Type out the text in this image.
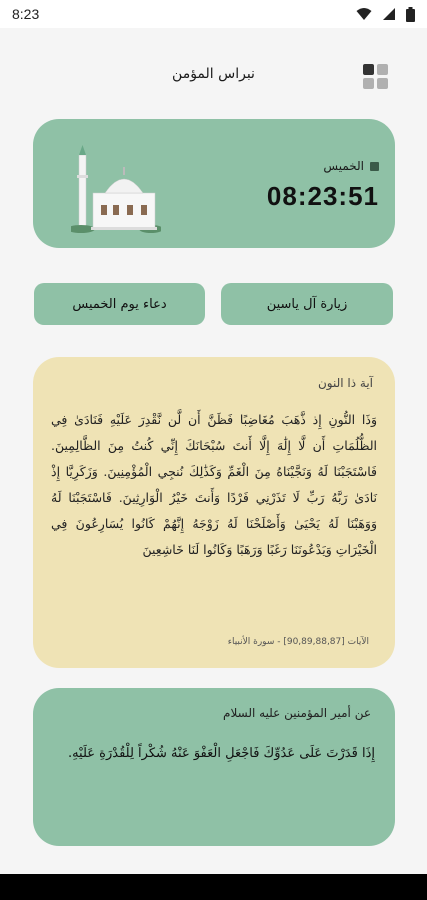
8:23
نبراس المؤمن
الخميس
08:23:51
دعاء يوم الخميس	زيارة آل ياسين
آية ذا النون
وَذَا النُّونِ إِذ ذَّهَبَ مُغَاضِبًا فَظَنَّ أَن لَّن نَّقْدِرَ عَلَيْهِ فَنَادَىٰ فِي الظُّلُمَاتِ أَن لَّا إِلَٰهَ إِلَّا أَنتَ سُبْحَانَكَ إِنِّي كُنتُ مِنَ الظَّالِمِينَ. فَاسْتَجَبْنَا لَهُ وَنَجَّيْنَاهُ مِنَ الْغَمِّ وَكَذَٰلِكَ نُنجِي الْمُؤْمِنِينَ. وَزَكَرِيَّا إِذْ نَادَىٰ رَبَّهُ رَبِّ لَا تَذَرْنِي فَرْدًا وَأَنتَ خَيْرُ الْوَارِثِينَ. فَاسْتَجَبْنَا لَهُ وَوَهَبْنَا لَهُ يَحْيَىٰ وَأَصْلَحْنَا لَهُ زَوْجَهُ إِنَّهُمْ كَانُوا يُسَارِعُونَ فِي الْخَيْرَاتِ وَيَدْعُونَنَا رَغَبًا وَرَهَبًا وَكَانُوا لَنَا خَاشِعِينَ
الآيات [90,89,88,87] - سورة الأنبياء
عن أمير المؤمنين عليه السلام
إِذَا قَدَرْتَ عَلَى عَدُوِّكَ فَاجْعَلِ الْعَفْوَ عَنْهُ شُكْراً لِلْقُدْرَةِ عَلَيْهِ.
